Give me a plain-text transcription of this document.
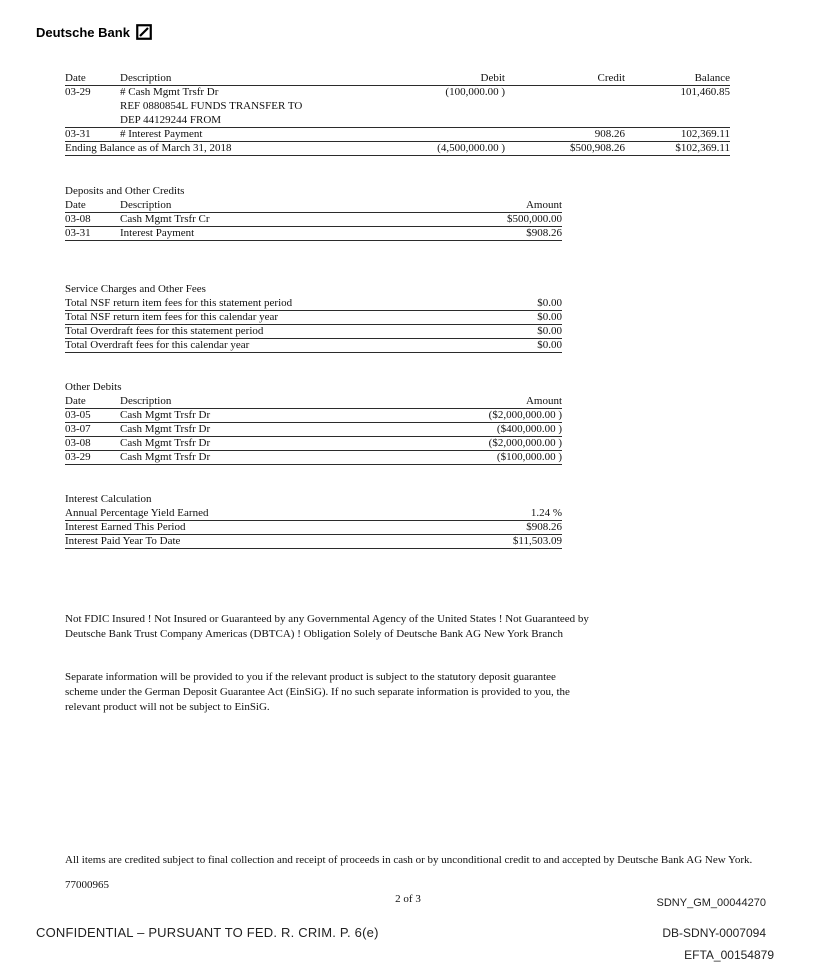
Deutsche Bank
Date	Description	Debit	Credit	Balance
03-29	# Cash Mgmt Trsfr Dr	(100,000.00 )		101,460.85
	REF 0880854L FUNDS TRANSFER TO			
	DEP 44129244 FROM			
03-31	# Interest Payment		908.26	102,369.11
Ending Balance as of March 31, 2018		(4,500,000.00 )	$500,908.26	$102,369.11
Deposits and Other Credits
Date	Description	Amount
03-08	Cash Mgmt Trsfr Cr	$500,000.00
03-31	Interest Payment	$908.26
Service Charges and Other Fees
Total NSF return item fees for this statement period	$0.00
Total NSF return item fees for this calendar year	$0.00
Total Overdraft fees for this statement period	$0.00
Total Overdraft fees for this calendar year	$0.00
Other Debits
Date	Description	Amount
03-05	Cash Mgmt Trsfr Dr	($2,000,000.00 )
03-07	Cash Mgmt Trsfr Dr	($400,000.00 )
03-08	Cash Mgmt Trsfr Dr	($2,000,000.00 )
03-29	Cash Mgmt Trsfr Dr	($100,000.00 )
Interest Calculation
Annual Percentage Yield Earned	1.24 %
Interest Earned This Period	$908.26
Interest Paid Year To Date	$11,503.09
Not FDIC Insured ! Not Insured or Guaranteed by any Governmental Agency of the United States ! Not Guaranteed by Deutsche Bank Trust Company Americas (DBTCA) ! Obligation Solely of Deutsche Bank AG New York Branch
Separate information will be provided to you if the relevant product is subject to the statutory deposit guarantee scheme under the German Deposit Guarantee Act (EinSiG). If no such separate information is provided to you, the relevant product will not be subject to EinSiG.
All items are credited subject to final collection and receipt of proceeds in cash or by unconditional credit to and accepted by Deutsche Bank AG New York.
77000965
2 of 3	SDNY_GM_00044270
CONFIDENTIAL – PURSUANT TO FED. R. CRIM. P. 6(e)	DB-SDNY-0007094
EFTA_00154879
